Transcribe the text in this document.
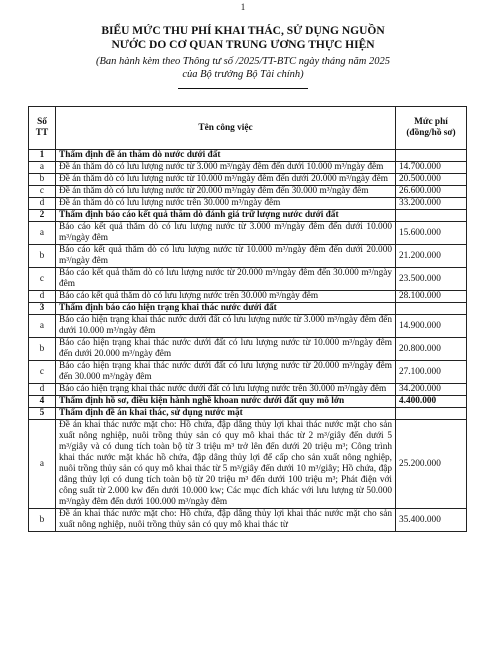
1
BIỂU MỨC THU PHÍ KHAI THÁC, SỬ DỤNG NGUỒN
NƯỚC DO CƠ QUAN TRUNG ƯƠNG THỰC HIỆN
(Ban hành kèm theo Thông tư số /2025/TT-BTC ngày tháng năm 2025
của Bộ trưởng Bộ Tài chính)
Số TT	Tên công việc	Mức phí (đồng/hồ sơ)
1	Thẩm định đề án thăm dò nước dưới đất	
a	Đề án thăm dò có lưu lượng nước từ 3.000 m³/ngày đêm đến dưới 10.000 m³/ngày đêm	14.700.000
b	Đề án thăm dò có lưu lượng nước từ 10.000 m³/ngày đêm đến dưới 20.000 m³/ngày đêm	20.500.000
c	Đề án thăm dò có lưu lượng nước từ 20.000 m³/ngày đêm đến 30.000 m³/ngày đêm	26.600.000
d	Đề án thăm dò có lưu lượng nước trên 30.000 m³/ngày đêm	33.200.000
2	Thẩm định báo cáo kết quả thăm dò đánh giá trữ lượng nước dưới đất	
a	Báo cáo kết quả thăm dò có lưu lượng nước từ 3.000 m³/ngày đêm đến dưới 10.000 m³/ngày đêm	15.600.000
b	Báo cáo kết quả thăm dò có lưu lượng nước từ 10.000 m³/ngày đêm đến dưới 20.000 m³/ngày đêm	21.200.000
c	Báo cáo kết quả thăm dò có lưu lượng nước từ 20.000 m³/ngày đêm đến 30.000 m³/ngày đêm	23.500.000
d	Báo cáo kết quả thăm dò có lưu lượng nước trên 30.000 m³/ngày đêm	28.100.000
3	Thẩm định báo cáo hiện trạng khai thác nước dưới đất	
a	Báo cáo hiện trạng khai thác nước dưới đất có lưu lượng nước từ 3.000 m³/ngày đêm đến dưới 10.000 m³/ngày đêm	14.900.000
b	Báo cáo hiện trạng khai thác nước dưới đất có lưu lượng nước từ 10.000 m³/ngày đêm đến dưới 20.000 m³/ngày đêm	20.800.000
c	Báo cáo hiện trạng khai thác nước dưới đất có lưu lượng nước từ 20.000 m³/ngày đêm đến 30.000 m³/ngày đêm	27.100.000
d	Báo cáo hiện trạng khai thác nước dưới đất có lưu lượng nước trên 30.000 m³/ngày đêm	34.200.000
4	Thẩm định hồ sơ, điều kiện hành nghề khoan nước dưới đất quy mô lớn	4.400.000
5	Thẩm định đề án khai thác, sử dụng nước mặt	
a	Đề án khai thác nước mặt cho: Hồ chứa, đập dâng thủy lợi khai thác nước mặt cho sản xuất nông nghiệp, nuôi trồng thủy sản có quy mô khai thác từ 2 m³/giây đến dưới 5 m³/giây và có dung tích toàn bộ từ 3 triệu m³ trở lên đến dưới 20 triệu m³; Công trình khai thác nước mặt khác hồ chứa, đập dâng thủy lợi để cấp cho sản xuất nông nghiệp, nuôi trồng thủy sản có quy mô khai thác từ 5 m³/giây đến dưới 10 m³/giây; Hồ chứa, đập dâng thủy lợi có dung tích toàn bộ từ 20 triệu m³ đến dưới 100 triệu m³; Phát điện với công suất từ 2.000 kw đến dưới 10.000 kw; Các mục đích khác với lưu lượng từ 50.000 m³/ngày đêm đến dưới 100.000 m³/ngày đêm	25.200.000
b	Đề án khai thác nước mặt cho: Hồ chứa, đập dâng thủy lợi khai thác nước mặt cho sản xuất nông nghiệp, nuôi trồng thủy sản có quy mô khai thác từ	35.400.000
